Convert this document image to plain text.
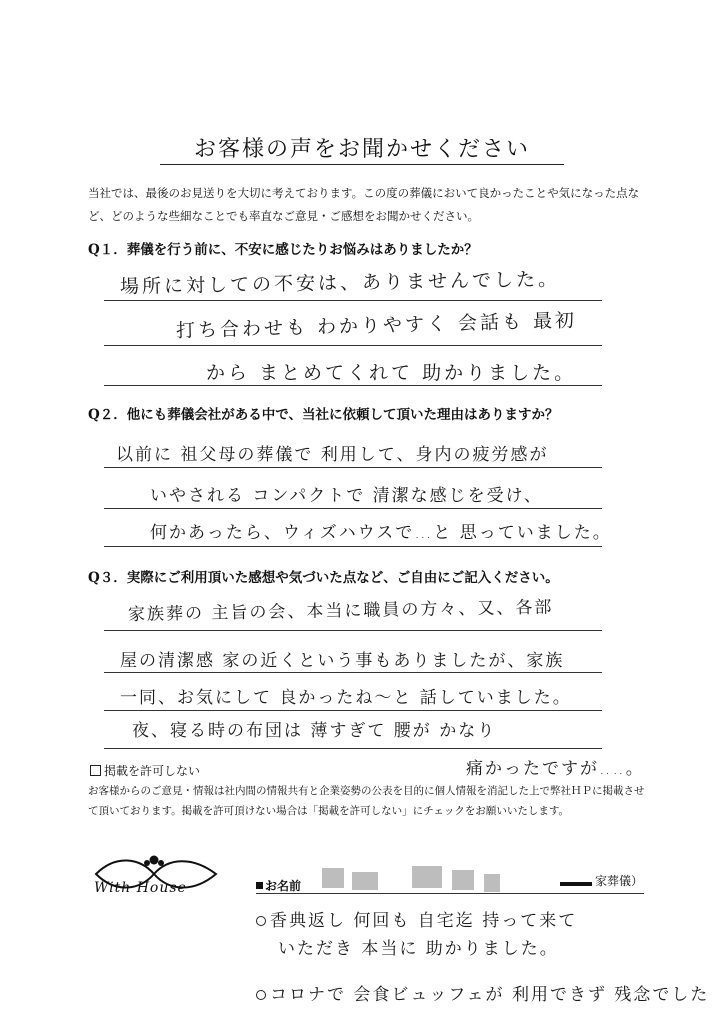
お客様の声をお聞かせください
当社では、最後のお見送りを大切に考えております。この度の葬儀において良かったことや気になった点など、どのような些細なことでも率直なご意見・ご感想をお聞かせください。
Q１．葬儀を行う前に、不安に感じたりお悩みはありましたか？
場所に対しての不安は、ありませんでした。
打ち合わせも わかりやすく 会話も 最初
から まとめてくれて 助かりました。
Q２．他にも葬儀会社がある中で、当社に依頼して頂いた理由はありますか？
以前に 祖父母の葬儀で 利用して、身内の疲労感が
いやされる コンパクトで 清潔な感じを受け、
何かあったら、ウィズハウスで…と 思っていました。
Q３．実際にご利用頂いた感想や気づいた点など、ご自由にご記入ください。
家族葬の 主旨の会、本当に職員の方々、又、各部
屋の清潔感 家の近くという事もありましたが、家族
一同、お気にして 良かったね〜と 話していました。
夜、寝る時の布団は 薄すぎて 腰が かなり
痛かったですが‥‥。
掲載を許可しない
お客様からのご意見・情報は社内間の情報共有と企業姿勢の公表を目的に個人情報を消記した上で弊社ＨＰに掲載させて頂いております。掲載を許可頂けない場合は「掲載を許可しない」にチェックをお願いいたします。
With House	お名前	家葬儀）
香典返し 何回も 自宅迄 持って来て
いただき 本当に 助かりました。
コロナで 会食ビュッフェが 利用できず 残念でした
